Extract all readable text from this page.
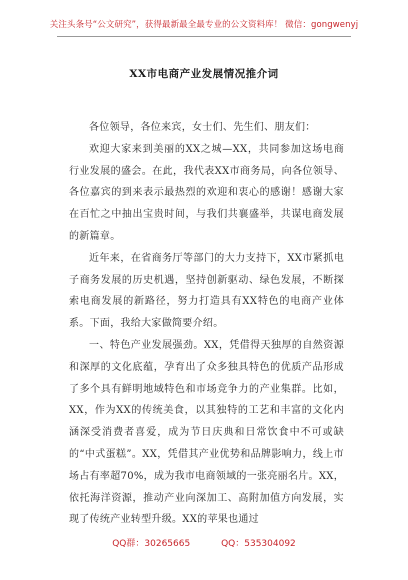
关注头条号“公文研究”，获得最新最全最专业的公文资料库！ 微信：gongwenyj
XX市电商产业发展情况推介词

各位领导，各位来宾，女士们、先生们、朋友们：

欢迎大家来到美丽的XX之城—XX，共同参加这场电商行业发展的盛会。在此，我代表XX市商务局，向各位领导、各位嘉宾的到来表示最热烈的欢迎和衷心的感谢！感谢大家在百忙之中抽出宝贵时间，与我们共襄盛举，共谋电商发展的新篇章。

近年来，在省商务厅等部门的大力支持下，XX市紧抓电子商务发展的历史机遇，坚持创新驱动、绿色发展，不断探索电商发展的新路径，努力打造具有XX特色的电商产业体系。下面，我给大家做简要介绍。

一、特色产业发展强劲。XX，凭借得天独厚的自然资源和深厚的文化底蕴，孕育出了众多独具特色的优质产品形成了多个具有鲜明地域特色和市场竞争力的产业集群。比如，XX，作为XX的传统美食，以其独特的工艺和丰富的文化内涵深受消费者喜爱，成为节日庆典和日常饮食中不可或缺的“中式蛋糕”。XX，凭借其产业优势和品牌影响力，线上市场占有率超70%，成为我市电商领域的一张亮丽名片。XX，依托海洋资源，推动产业向深加工、高附加值方向发展，实现了传统产业转型升级。XX的苹果也通过

QQ群：30265665	QQ：535304092
